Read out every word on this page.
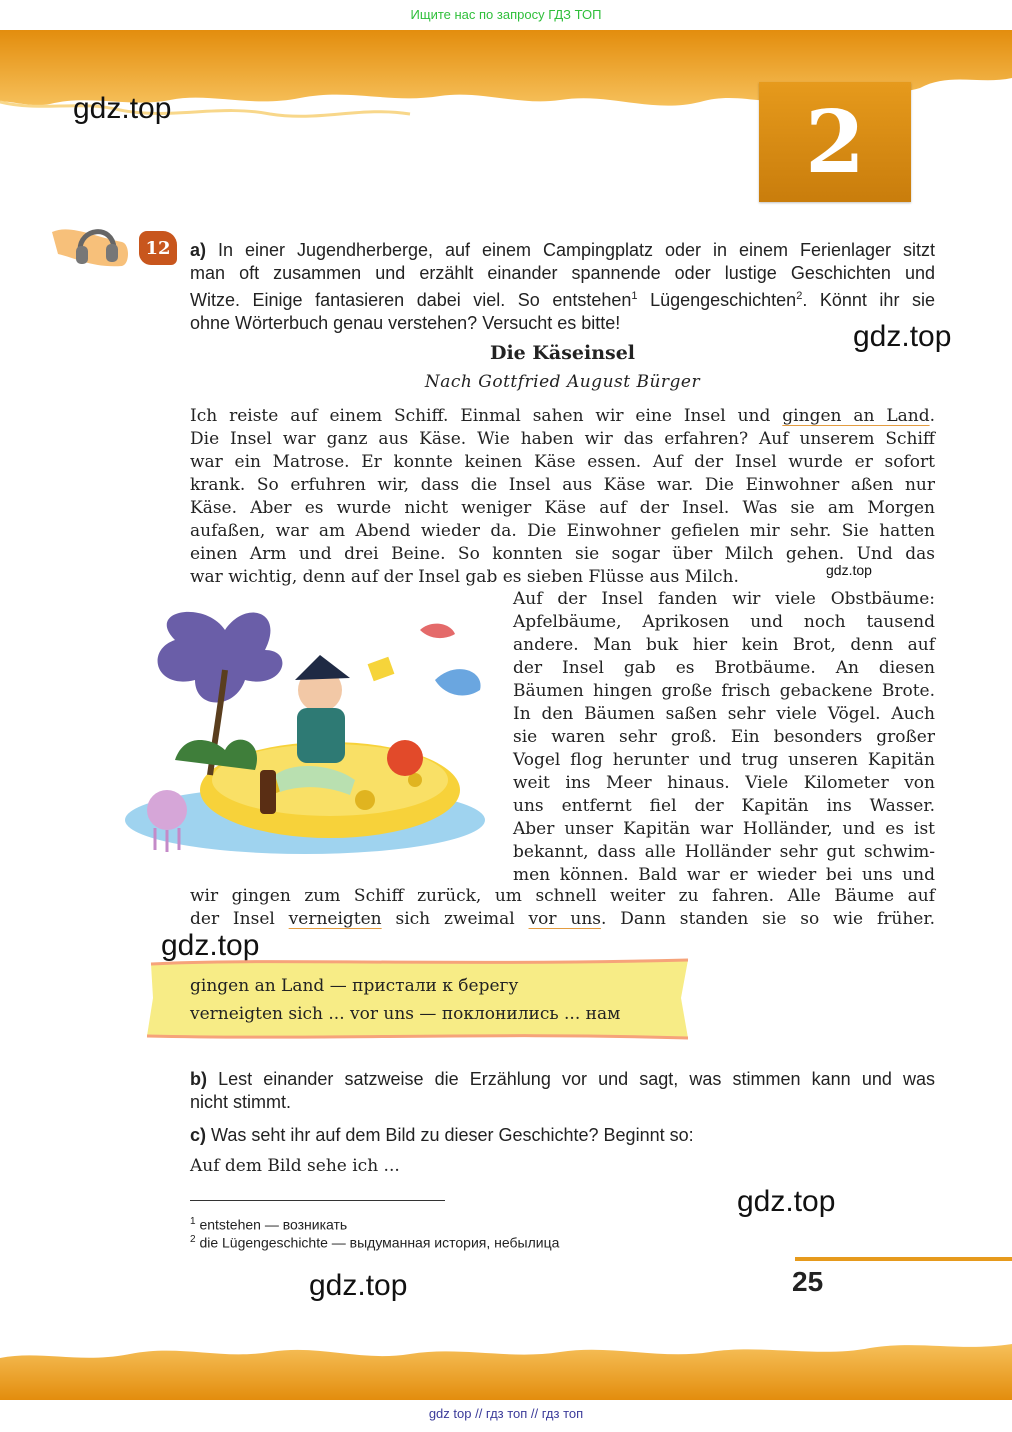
Ищите нас по запросу ГДЗ ТОП
gdz top // гдз топ // гдз топ
gdz.top
gdz.top
gdz.top
gdz.top
gdz.top
gdz.top
2
12	a) In einer Jugendherberge, auf einem Campingplatz oder in einem Ferienlager sitzt
man oft zusammen und erzählt einander spannende oder lustige Geschichten und
Witze. Einige fantasieren dabei viel. So entstehen$^1$ Lügengeschichten$^2$. Könnt ihr sie
ohne Wörterbuch genau verstehen? Versucht es bitte!
Die Käseinsel
Nach Gottfried August Bürger
Ich reiste auf einem Schiff. Einmal sahen wir eine Insel und gingen an Land.
Die Insel war ganz aus Käse. Wie haben wir das erfahren? Auf unserem Schiff
war ein Matrose. Er konnte keinen Käse essen. Auf der Insel wurde er sofort
krank. So erfuhren wir, dass die Insel aus Käse war. Die Einwohner aßen nur
Käse. Aber es wurde nicht weniger Käse auf der Insel. Was sie am Morgen
aufaßen, war am Abend wieder da. Die Einwohner gefielen mir sehr. Sie hatten
einen Arm und drei Beine. So konnten sie sogar über Milch gehen. Und das
war wichtig, denn auf der Insel gab es sieben Flüsse aus Milch.
Auf der Insel fanden wir viele Obstbäume:
Apfelbäume, Aprikosen und noch tausend
andere. Man buk hier kein Brot, denn auf
der Insel gab es Brotbäume. An diesen
Bäumen hingen große frisch gebackene Brote.
In den Bäumen saßen sehr viele Vögel. Auch
sie waren sehr groß. Ein besonders großer
Vogel flog herunter und trug unseren Kapitän
weit ins Meer hinaus. Viele Kilometer von
uns entfernt fiel der Kapitän ins Wasser.
Aber unser Kapitän war Holländer, und es ist
bekannt, dass alle Holländer sehr gut schwim-
men können. Bald war er wieder bei uns und
wir gingen zum Schiff zurück, um schnell weiter zu fahren. Alle Bäume auf
der Insel verneigten sich zweimal vor uns. Dann standen sie so wie früher.
gingen an Land — пристали к берегу
verneigten sich ... vor uns — поклонились ... нам
b) Lest einander satzweise die Erzählung vor und sagt, was stimmen kann und was
nicht stimmt.
c) Was seht ihr auf dem Bild zu dieser Geschichte? Beginnt so:
Auf dem Bild sehe ich ...
$^1$ entstehen — возникать
$^2$ die Lügengeschichte — выдуманная история, небылица
25
